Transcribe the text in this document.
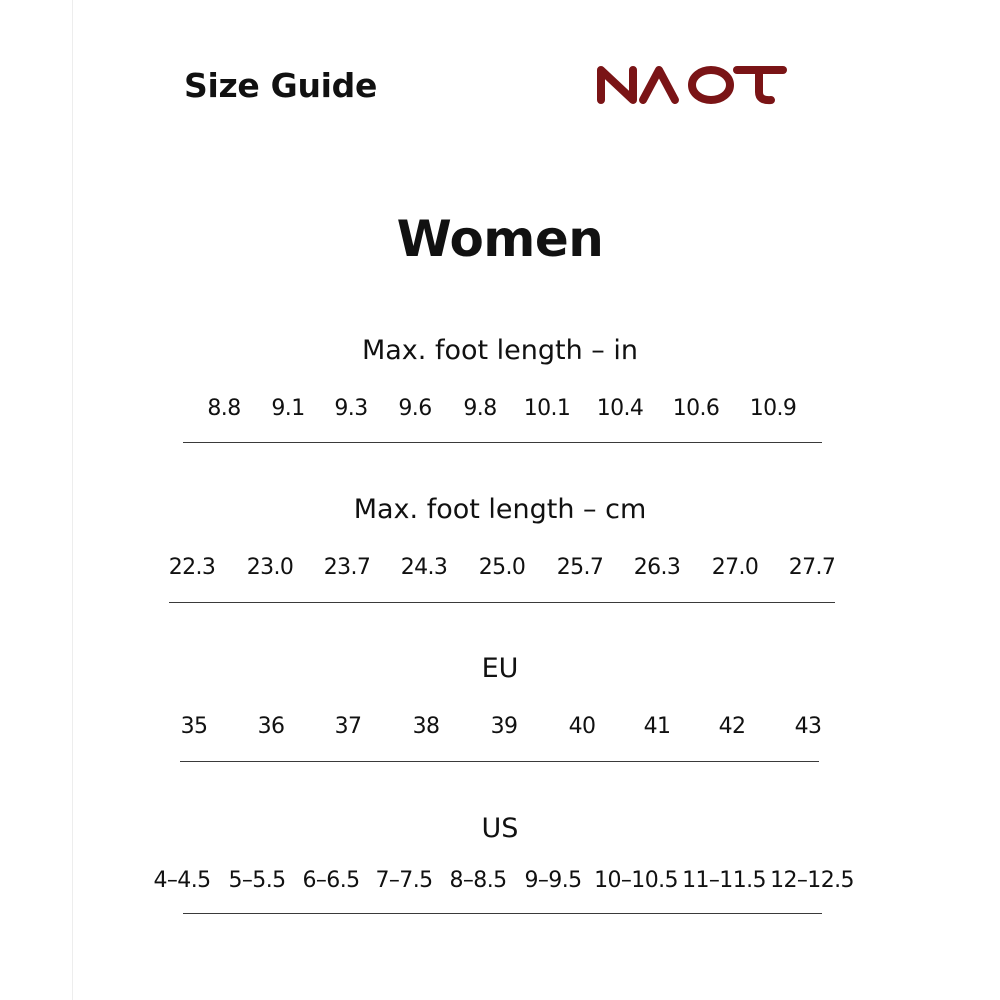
Size Guide
Women
Max. foot length – in
8.8 9.1 9.3 9.6 9.8 10.1 10.4 10.6 10.9
Max. foot length – cm
22.3 23.0 23.7 24.3 25.0 25.7 26.3 27.0 27.7
EU
35 36 37 38 39 40 41 42 43
US
4–4.5 5–5.5 6–6.5 7–7.5 8–8.5 9–9.5 10–10.5 11–11.5 12–12.5
